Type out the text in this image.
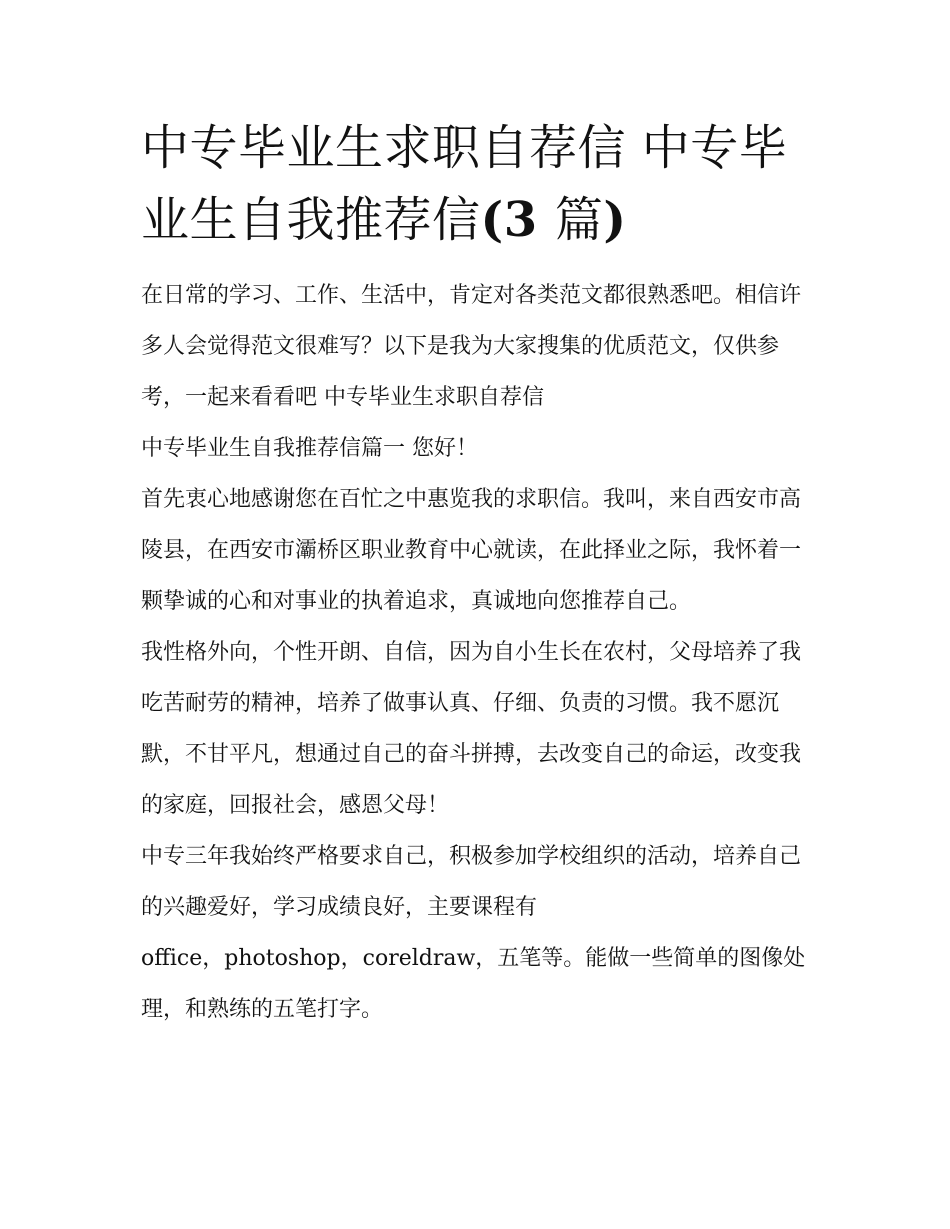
中专毕业生求职自荐信 中专毕
业生自我推荐信(3 篇)

在日常的学习、工作、生活中，肯定对各类范文都很熟悉吧。相信许多人会觉得范文很难写？以下是我为大家搜集的优质范文，仅供参考，一起来看看吧 中专毕业生求职自荐信

中专毕业生自我推荐信篇一 您好！

首先衷心地感谢您在百忙之中惠览我的求职信。我叫，来自西安市高陵县，在西安市灞桥区职业教育中心就读，在此择业之际，我怀着一颗挚诚的心和对事业的执着追求，真诚地向您推荐自己。

我性格外向，个性开朗、自信，因为自小生长在农村，父母培养了我吃苦耐劳的精神，培养了做事认真、仔细、负责的习惯。我不愿沉默，不甘平凡，想通过自己的奋斗拼搏，去改变自己的命运，改变我的家庭，回报社会，感恩父母！

中专三年我始终严格要求自己，积极参加学校组织的活动，培养自己的兴趣爱好，学习成绩良好，主要课程有

office，photoshop，coreldraw，五笔等。能做一些简单的图像处理，和熟练的五笔打字。
